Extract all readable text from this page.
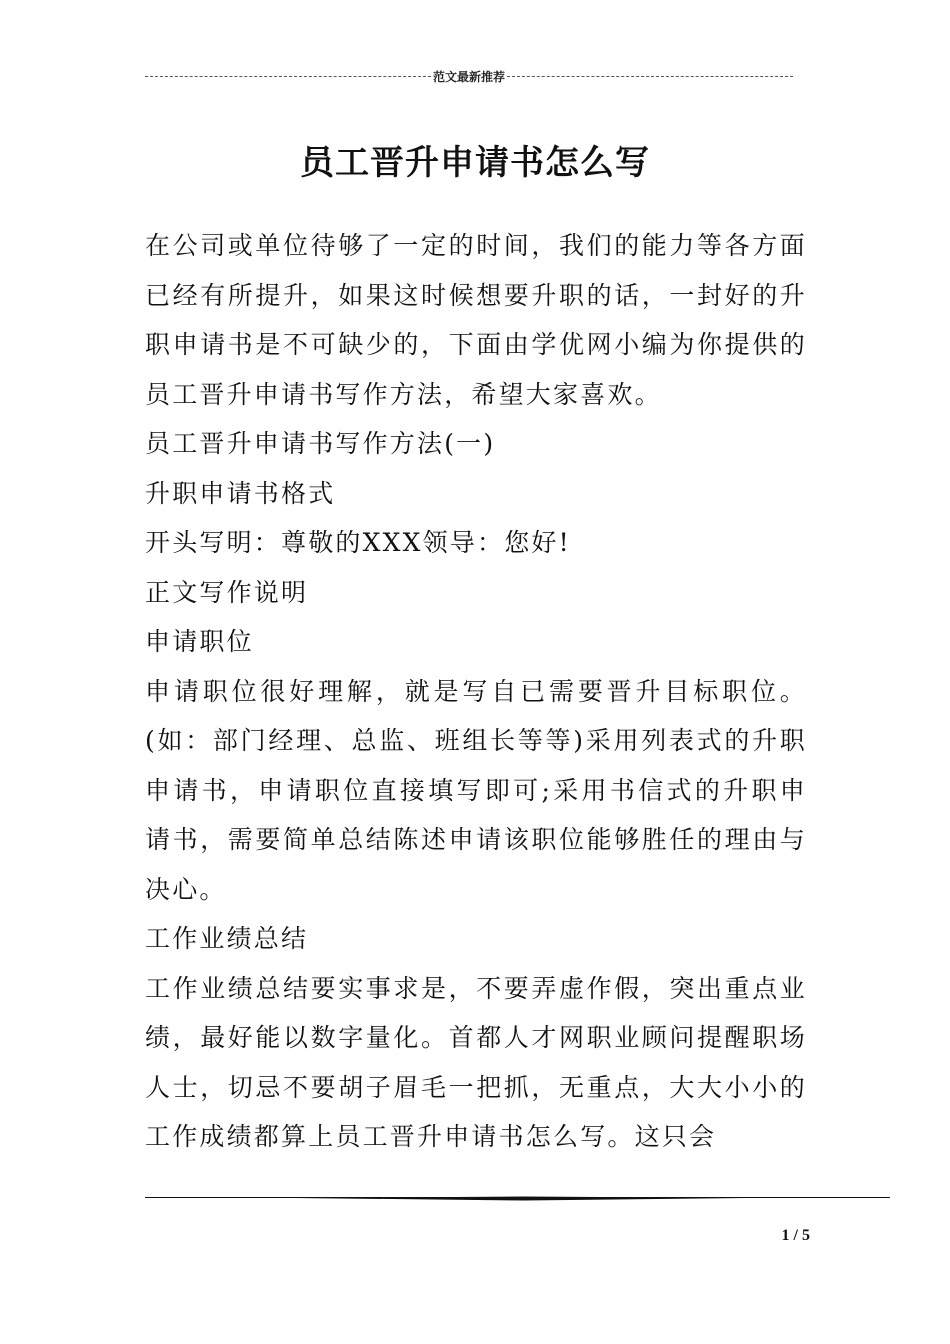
范文最新推荐
员工晋升申请书怎么写

在公司或单位待够了一定的时间，我们的能力等各方面已经有所提升，如果这时候想要升职的话，一封好的升职申请书是不可缺少的，下面由学优网小编为你提供的员工晋升申请书写作方法，希望大家喜欢。

员工晋升申请书写作方法(一)

升职申请书格式

开头写明：尊敬的XXX领导：您好!

正文写作说明

申请职位

申请职位很好理解，就是写自已需要晋升目标职位。(如：部门经理、总监、班组长等等)采用列表式的升职申请书，申请职位直接填写即可;采用书信式的升职申请书，需要简单总结陈述申请该职位能够胜任的理由与决心。

工作业绩总结

工作业绩总结要实事求是，不要弄虚作假，突出重点业绩，最好能以数字量化。首都人才网职业顾问提醒职场人士，切忌不要胡子眉毛一把抓，无重点，大大小小的工作成绩都算上员工晋升申请书怎么写。这只会

1 / 5
